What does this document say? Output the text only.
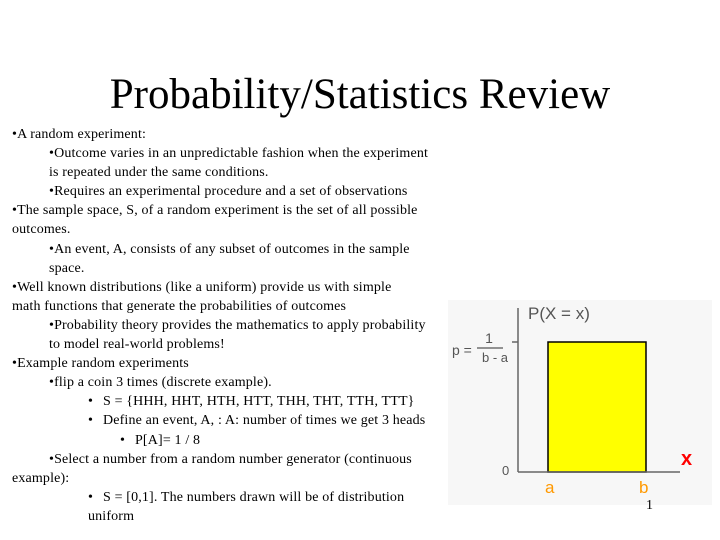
Probability/Statistics Review
•A random experiment:
•Outcome varies in an unpredictable fashion when the experiment
is repeated under the same conditions.
•Requires an experimental procedure and a set of observations
•The sample space, S, of a random experiment is the set of all possible
outcomes.
•An event, A, consists of any subset of outcomes in the sample
space.
•Well known distributions (like a uniform) provide us with simple
math functions that generate the probabilities of outcomes
•Probability theory provides the mathematics to apply probability
to model real-world problems!
•Example random experiments
•flip a coin 3 times (discrete example).
• S = {HHH, HHT, HTH, HTT, THH, THT, TTH, TTT}
• Define an event, A, : A: number of times we get 3 heads
• P[A]= 1 / 8
•Select a number from a random number generator (continuous
example):
• S = [0,1]. The numbers drawn will be of distribution
uniform
P(X = x)
p =
1
b - a
0
x
a	b
1
